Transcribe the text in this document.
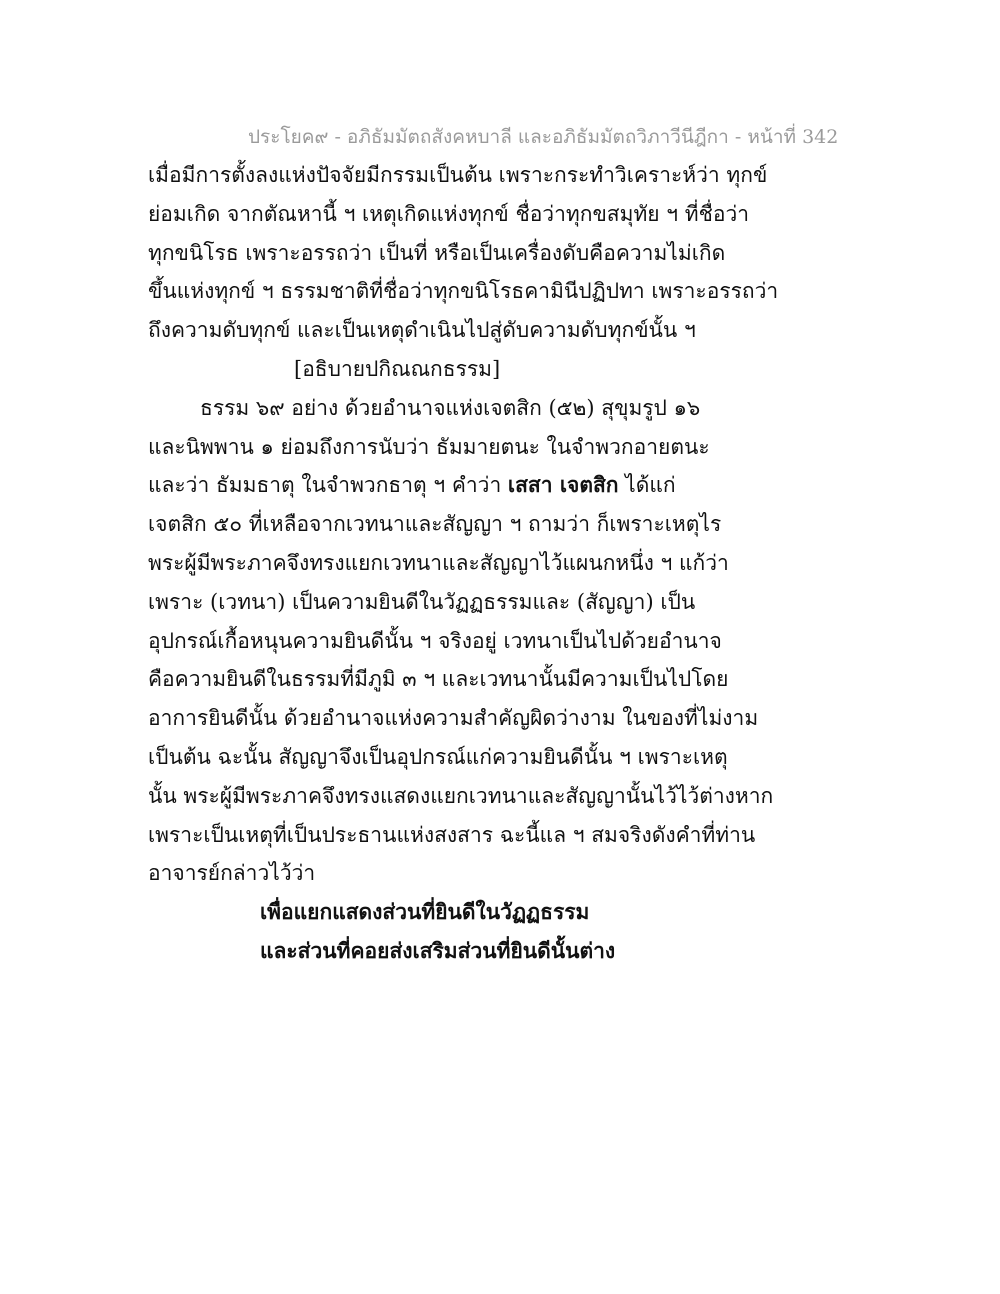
ประโยค๙ - อภิธัมมัตถสังคหบาลี และอภิธัมมัตถวิภาวีนีฎีกา - หน้าที่ 342
เมื่อมีการตั้งลงแห่งปัจจัยมีกรรมเป็นต้น เพราะกระทำวิเคราะห์ว่า ทุกข์
ย่อมเกิด จากตัณหานี้ ฯ เหตุเกิดแห่งทุกข์ ชื่อว่าทุกขสมุทัย ฯ ที่ชื่อว่า
ทุกขนิโรธ เพราะอรรถว่า เป็นที่ หรือเป็นเครื่องดับคือความไม่เกิด
ขึ้นแห่งทุกข์ ฯ ธรรมชาติที่ชื่อว่าทุกขนิโรธคามินีปฏิปทา เพราะอรรถว่า
ถึงความดับทุกข์ และเป็นเหตุดำเนินไปสู่ดับความดับทุกข์นั้น ฯ
[อธิบายปกิณณกธรรม]
ธรรม ๖๙ อย่าง ด้วยอำนาจแห่งเจตสิก (๕๒) สุขุมรูป ๑๖
และนิพพาน ๑ ย่อมถึงการนับว่า ธัมมายตนะ ในจำพวกอายตนะ
และว่า ธัมมธาตุ ในจำพวกธาตุ ฯ คำว่า เสสา เจตสิก ได้แก่
เจตสิก ๕๐ ที่เหลือจากเวทนาและสัญญา ฯ ถามว่า ก็เพราะเหตุไร
พระผู้มีพระภาคจึงทรงแยกเวทนาและสัญญาไว้แผนกหนึ่ง ฯ แก้ว่า
เพราะ (เวทนา) เป็นความยินดีในวัฏฏธรรมและ (สัญญา) เป็น
อุปกรณ์เกื้อหนุนความยินดีนั้น ฯ จริงอยู่ เวทนาเป็นไปด้วยอำนาจ
คือความยินดีในธรรมที่มีภูมิ ๓ ฯ และเวทนานั้นมีความเป็นไปโดย
อาการยินดีนั้น ด้วยอำนาจแห่งความสำคัญผิดว่างาม ในของที่ไม่งาม
เป็นต้น ฉะนั้น สัญญาจึงเป็นอุปกรณ์แก่ความยินดีนั้น ฯ เพราะเหตุ
นั้น พระผู้มีพระภาคจึงทรงแสดงแยกเวทนาและสัญญานั้นไว้ไว้ต่างหาก
เพราะเป็นเหตุที่เป็นประธานแห่งสงสาร ฉะนี้แล ฯ สมจริงดังคำที่ท่าน
อาจารย์กล่าวไว้ว่า
เพื่อแยกแสดงส่วนที่ยินดีในวัฏฏธรรม
และส่วนที่คอยส่งเสริมส่วนที่ยินดีนั้นต่าง
